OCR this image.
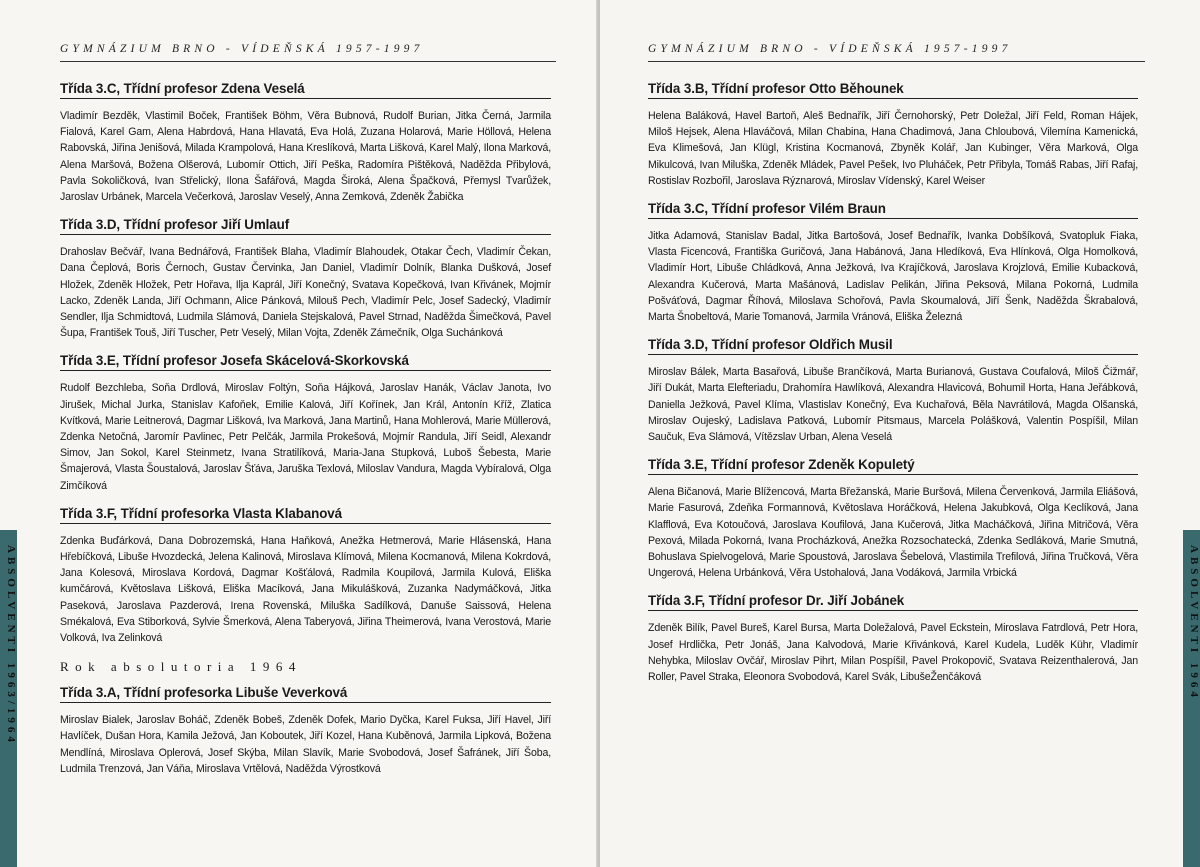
GYMNÁZIUM BRNO - VÍDEŇSKÁ 1957-1997
Třída 3.C, Třídní profesor Zdena Veselá

Vladimír Bezděk, Vlastimil Boček, František Böhm, Věra Bubnová, Rudolf Burian, Jitka Černá, Jarmila Fialová, Karel Gam, Alena Habrdová, Hana Hlavatá, Eva Holá, Zuzana Holarová, Marie Höllová, Helena Rabovská, Jiřina Jenišová, Milada Krampolová, Hana Kreslíková, Marta Lišková, Karel Malý, Ilona Marková, Alena Maršová, Božena Olšerová, Lubomír Ottich, Jiří Peška, Radomíra Pištěková, Naděžda Přibylová, Pavla Sokoličková, Ivan Střelický, Ilona Šafářová, Magda Široká, Alena Špačková, Přemysl Tvarůžek, Jaroslav Urbánek, Marcela Večerková, Jaroslav Veselý, Anna Zemková, Zdeněk Žabička

Třída 3.D, Třídní profesor Jiří Umlauf

Drahoslav Bečvář, Ivana Bednářová, František Blaha, Vladimír Blahoudek, Otakar Čech, Vladimír Čekan, Dana Čeplová, Boris Černoch, Gustav Červinka, Jan Daniel, Vladimír Dolník, Blanka Dušková, Josef Hložek, Zdeněk Hložek, Petr Hořava, Ilja Kaprál, Jiří Konečný, Svatava Kopečková, Ivan Křivánek, Mojmír Lacko, Zdeněk Landa, Jiří Ochmann, Alice Pánková, Milouš Pech, Vladimír Pelc, Josef Sadecký, Vladimír Sendler, Ilja Schmidtová, Ludmila Slámová, Daniela Stejskalová, Pavel Strnad, Naděžda Šimečková, Pavel Šupa, František Touš, Jiří Tuscher, Petr Veselý, Milan Vojta, Zdeněk Zámečník, Olga Suchánková

Třída 3.E, Třídní profesor Josefa Skácelová-Skorkovská

Rudolf Bezchleba, Soňa Drdlová, Miroslav Foltýn, Soňa Hájková, Jaroslav Hanák, Václav Janota, Ivo Jirušek, Michal Jurka, Stanislav Kafoňek, Emilie Kalová, Jiří Kořínek, Jan Král, Antonín Kříž, Zlatica Kvítková, Marie Leitnerová, Dagmar Lišková, Iva Marková, Jana Martinů, Hana Mohlerová, Marie Müllerová, Zdenka Netočná, Jaromír Pavlinec, Petr Pelčák, Jarmila Prokešová, Mojmír Randula, Jiří Seidl, Alexandr Simov, Jan Sokol, Karel Steinmetz, Ivana Stratilíková, Maria-Jana Stupková, Luboš Šebesta, Marie Šmajerová, Vlasta Šoustalová, Jaroslav Šťáva, Jaruška Texlová, Miloslav Vandura, Magda Vybíralová, Olga Zimčíková

Třída 3.F, Třídní profesorka Vlasta Klabanová

Zdenka Buďárková, Dana Dobrozemská, Hana Haňková, Anežka Hetmerová, Marie Hlásenská, Hana Hřebíčková, Libuše Hvozdecká, Jelena Kalinová, Miroslava Klímová, Milena Kocmanová, Milena Kokrdová, Jana Kolesová, Miroslava Kordová, Dagmar Košťálová, Radmila Koupilová, Jarmila Kulová, Eliška kumčárová, Květoslava Lišková, Eliška Macíková, Jana Mikulášková, Zuzanka Nadymáčková, Jitka Paseková, Jaroslava Pazderová, Irena Rovenská, Miluška Sadílková, Danuše Saissová, Helena Smékalová, Eva Stiborková, Sylvie Šmerková, Alena Taberyová, Jiřina Theimerová, Ivana Verostová, Marie Volková, Iva Zelinková

Rok absolutoria 1964
Třída 3.A, Třídní profesorka Libuše Veverková

Miroslav Bialek, Jaroslav Boháč, Zdeněk Bobeš, Zdeněk Dofek, Mario Dyčka, Karel Fuksa, Jiří Havel, Jiří Havlíček, Dušan Hora, Kamila Ježová, Jan Koboutek, Jiří Kozel, Hana Kuběnová, Jarmila Lipková, Božena Mendlíná, Miroslava Oplerová, Josef Skýba, Milan Slavík, Marie Svobodová, Josef Šafránek, Jiří Šoba, Ludmila Trenzová, Jan Váňa, Miroslava Vrtělová, Naděžda Výrostková

ABSOLVENTI 1963/1964
GYMNÁZIUM BRNO - VÍDEŇSKÁ 1957-1997
Třída 3.B, Třídní profesor Otto Běhounek

Helena Baláková, Havel Bartoň, Aleš Bednařík, Jiří Černohorský, Petr Doležal, Jiří Feld, Roman Hájek, Miloš Hejsek, Alena Hlaváčová, Milan Chabina, Hana Chadimová, Jana Chloubová, Vilemína Kamenická, Eva Klimešová, Jan Klügl, Kristina Kocmanová, Zbyněk Kolář, Jan Kubinger, Věra Marková, Olga Mikulcová, Ivan Miluška, Zdeněk Mládek, Pavel Pešek, Ivo Pluháček, Petr Přibyla, Tomáš Rabas, Jiří Rafaj, Rostislav Rozbořil, Jaroslava Rýznarová, Miroslav Vídenský, Karel Weiser

Třída 3.C, Třídní profesor Vilém Braun

Jitka Adamová, Stanislav Badal, Jitka Bartošová, Josef Bednařík, Ivanka Dobšíková, Svatopluk Fiaka, Vlasta Ficencová, Františka Guričová, Jana Habánová, Jana Hledíková, Eva Hlínková, Olga Homolková, Vladimír Hort, Libuše Chládková, Anna Ježková, Iva Krajíčková, Jaroslava Krojzlová, Emilie Kubacková, Alexandra Kučerová, Marta Mašánová, Ladislav Pelikán, Jiřina Peksová, Milana Pokorná, Ludmila Pošváťová, Dagmar Říhová, Miloslava Schořová, Pavla Skoumalová, Jiří Šenk, Naděžda Škrabalová, Marta Šnobeltová, Marie Tomanová, Jarmila Vránová, Eliška Železná

Třída 3.D, Třídní profesor Oldřich Musil

Miroslav Bálek, Marta Basařová, Libuše Brančíková, Marta Burianová, Gustava Coufalová, Miloš Čižmář, Jiří Dukát, Marta Elefteriadu, Drahomíra Hawlíková, Alexandra Hlavicová, Bohumil Horta, Hana Jeřábková, Daniella Ježková, Pavel Klíma, Vlastislav Konečný, Eva Kuchařová, Běla Navrátilová, Magda Olšanská, Miroslav Oujeský, Ladislava Patková, Lubomír Pitsmaus, Marcela Polášková, Valentin Pospíšil, Milan Saučuk, Eva Slámová, Vítězslav Urban, Alena Veselá

Třída 3.E, Třídní profesor Zdeněk Kopuletý

Alena Bičanová, Marie Blížencová, Marta Břežanská, Marie Buršová, Milena Červenková, Jarmila Eliášová, Marie Fasurová, Zdeňka Formannová, Květoslava Horáčková, Helena Jakubková, Olga Keclíková, Jana Klafflová, Eva Kotoučová, Jaroslava Koufilová, Jana Kučerová, Jitka Macháčková, Jiřina Mitričová, Věra Pexová, Milada Pokorná, Ivana Procházková, Anežka Rozsochatecká, Zdenka Sedláková, Marie Smutná, Bohuslava Spielvogelová, Marie Spoustová, Jaroslava Šebelová, Vlastimila Trefilová, Jiřina Tručková, Věra Ungerová, Helena Urbánková, Věra Ustohalová, Jana Vodáková, Jarmila Vrbická

Třída 3.F, Třídní profesor Dr. Jiří Jobánek

Zdeněk Bilík, Pavel Bureš, Karel Bursa, Marta Doležalová, Pavel Eckstein, Miroslava Fatrdlová, Petr Hora, Josef Hrdlička, Petr Jonáš, Jana Kalvodová, Marie Křivánková, Karel Kudela, Luděk Kühr, Vladimír Nehybka, Miloslav Ovčář, Miroslav Pihrt, Milan Pospíšil, Pavel Prokopovič, Svatava Reizenthalerová, Jan Roller, Pavel Straka, Eleonora Svobodová, Karel Svák, LibušeŽenčáková	ABSOLVENTI 1964
